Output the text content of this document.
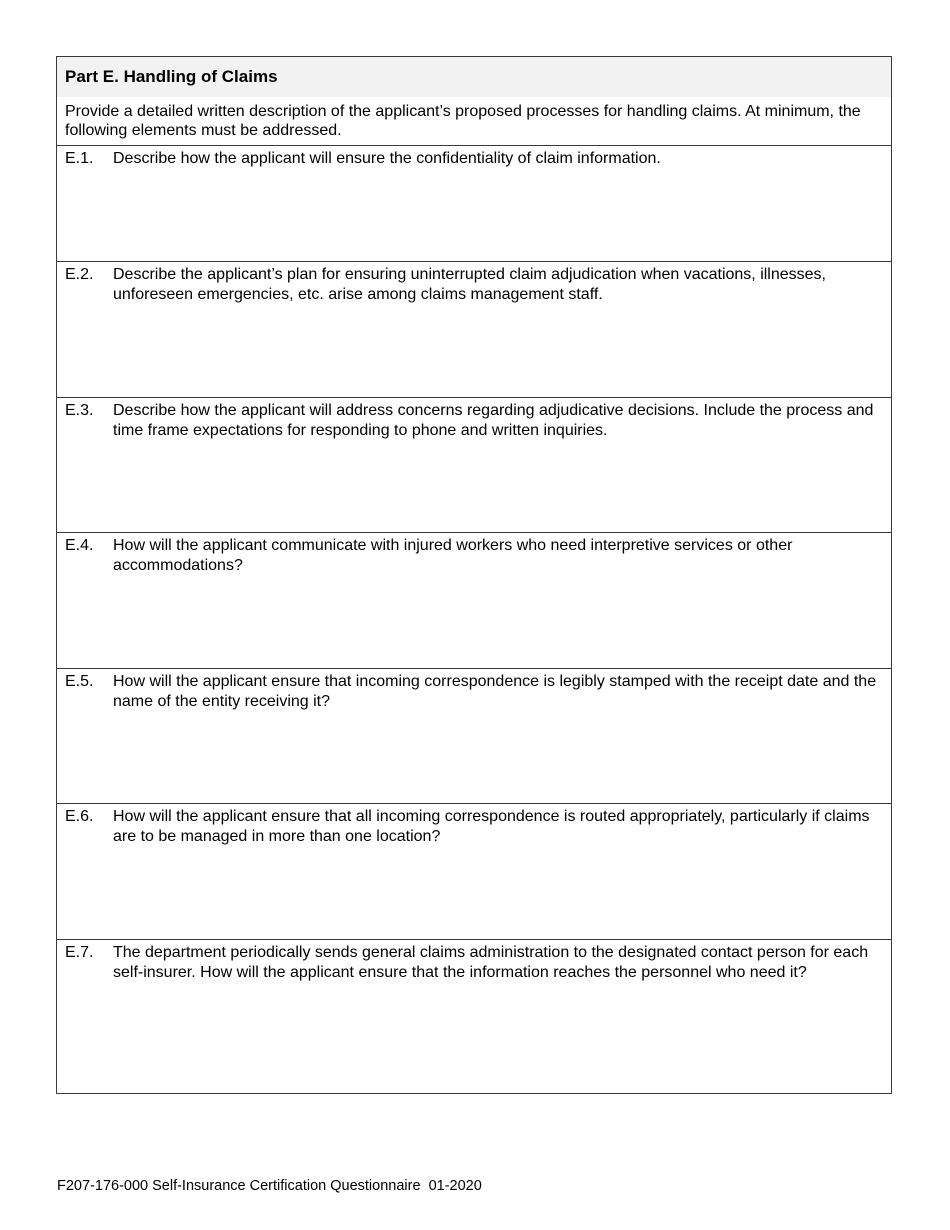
Part E. Handling of Claims
Provide a detailed written description of the applicant’s proposed processes for handling claims. At minimum, the following elements must be addressed.
E.1. Describe how the applicant will ensure the confidentiality of claim information.
E.2. Describe the applicant’s plan for ensuring uninterrupted claim adjudication when vacations, illnesses, unforeseen emergencies, etc. arise among claims management staff.
E.3. Describe how the applicant will address concerns regarding adjudicative decisions. Include the process and time frame expectations for responding to phone and written inquiries.
E.4. How will the applicant communicate with injured workers who need interpretive services or other accommodations?
E.5. How will the applicant ensure that incoming correspondence is legibly stamped with the receipt date and the name of the entity receiving it?
E.6. How will the applicant ensure that all incoming correspondence is routed appropriately, particularly if claims are to be managed in more than one location?
E.7. The department periodically sends general claims administration to the designated contact person for each self-insurer. How will the applicant ensure that the information reaches the personnel who need it?
F207-176-000 Self-Insurance Certification Questionnaire  01-2020
